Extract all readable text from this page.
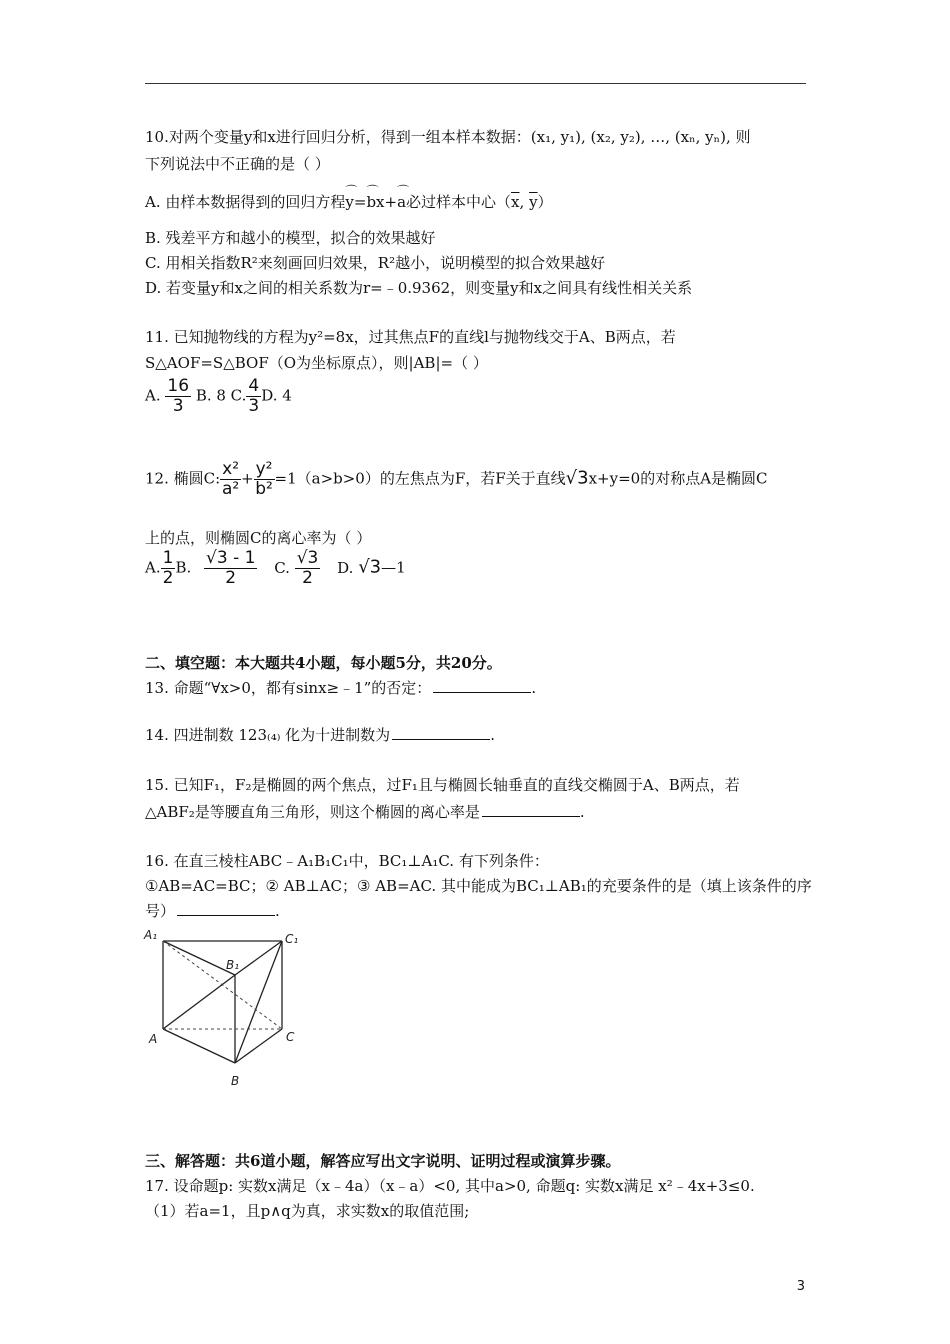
10.对两个变量y和x进行回归分析，得到一组本样本数据：(x₁, y₁), (x₂, y₂), …, (xₙ, yₙ), 则
下列说法中不正确的是（ ）
A. 由样本数据得到的回归方程⌒ y=⌒ bx+⌒ a必过样本中心（$\overline{x}$, $\overline{y}$）
B. 残差平方和越小的模型，拟合的效果越好
C. 用相关指数R²来刻画回归效果，R²越小，说明模型的拟合效果越好
D. 若变量y和x之间的相关系数为r=﹣0.9362，则变量y和x之间具有线性相关关系
11. 已知抛物线的方程为y²=8x，过其焦点F的直线l与抛物线交于A、B两点，若
S△AOF=S△BOF（O为坐标原点），则|AB|=（ ）
A. $\frac{16}{3} B$. 8 C. $\frac{4}{3} D$. 4
12. 椭圆C: $\frac{\text{x²}}{\text{a²}} + \frac{\text{y²}}{\text{b²}} =1(a>b>0)$的左焦点为F，若F关于直线√3x+y=0的对称点A是椭圆C
上的点，则椭圆C的离心率为（ ）
A. $\frac{1}{2} B$. $\frac{√3 - 1}{2} C$. $\frac{√3}{2} D$. √3—1
二、填空题：本大题共4小题，每小题5分，共20分。
13. 命题“∀x>0，都有sinx≥﹣1”的否定：	.
14. 四进制数 123₍₄₎ 化为十进制数为	.
15. 已知F₁，F₂是椭圆的两个焦点，过F₁且与椭圆长轴垂直的直线交椭圆于A、B两点，若
△ABF₂是等腰直角三角形，则这个椭圆的离心率是	.
16. 在直三棱柱ABC﹣A₁B₁C₁中，BC₁⊥A₁C. 有下列条件：
①AB=AC=BC；② AB⊥AC；③ AB=AC. 其中能成为BC₁⊥AB₁的充要条件的是（填上该条件的序
号）	.
A₁
B₁
C₁
A
B
C
三、解答题：共6道小题，解答应写出文字说明、证明过程或演算步骤。
17. 设命题p: 实数x满足（x﹣4a）（x﹣a）<0, 其中a>0, 命题q: 实数x满足 x²﹣4x+3≤0.
（1）若a=1，且p∧q为真，求实数x的取值范围;
3
